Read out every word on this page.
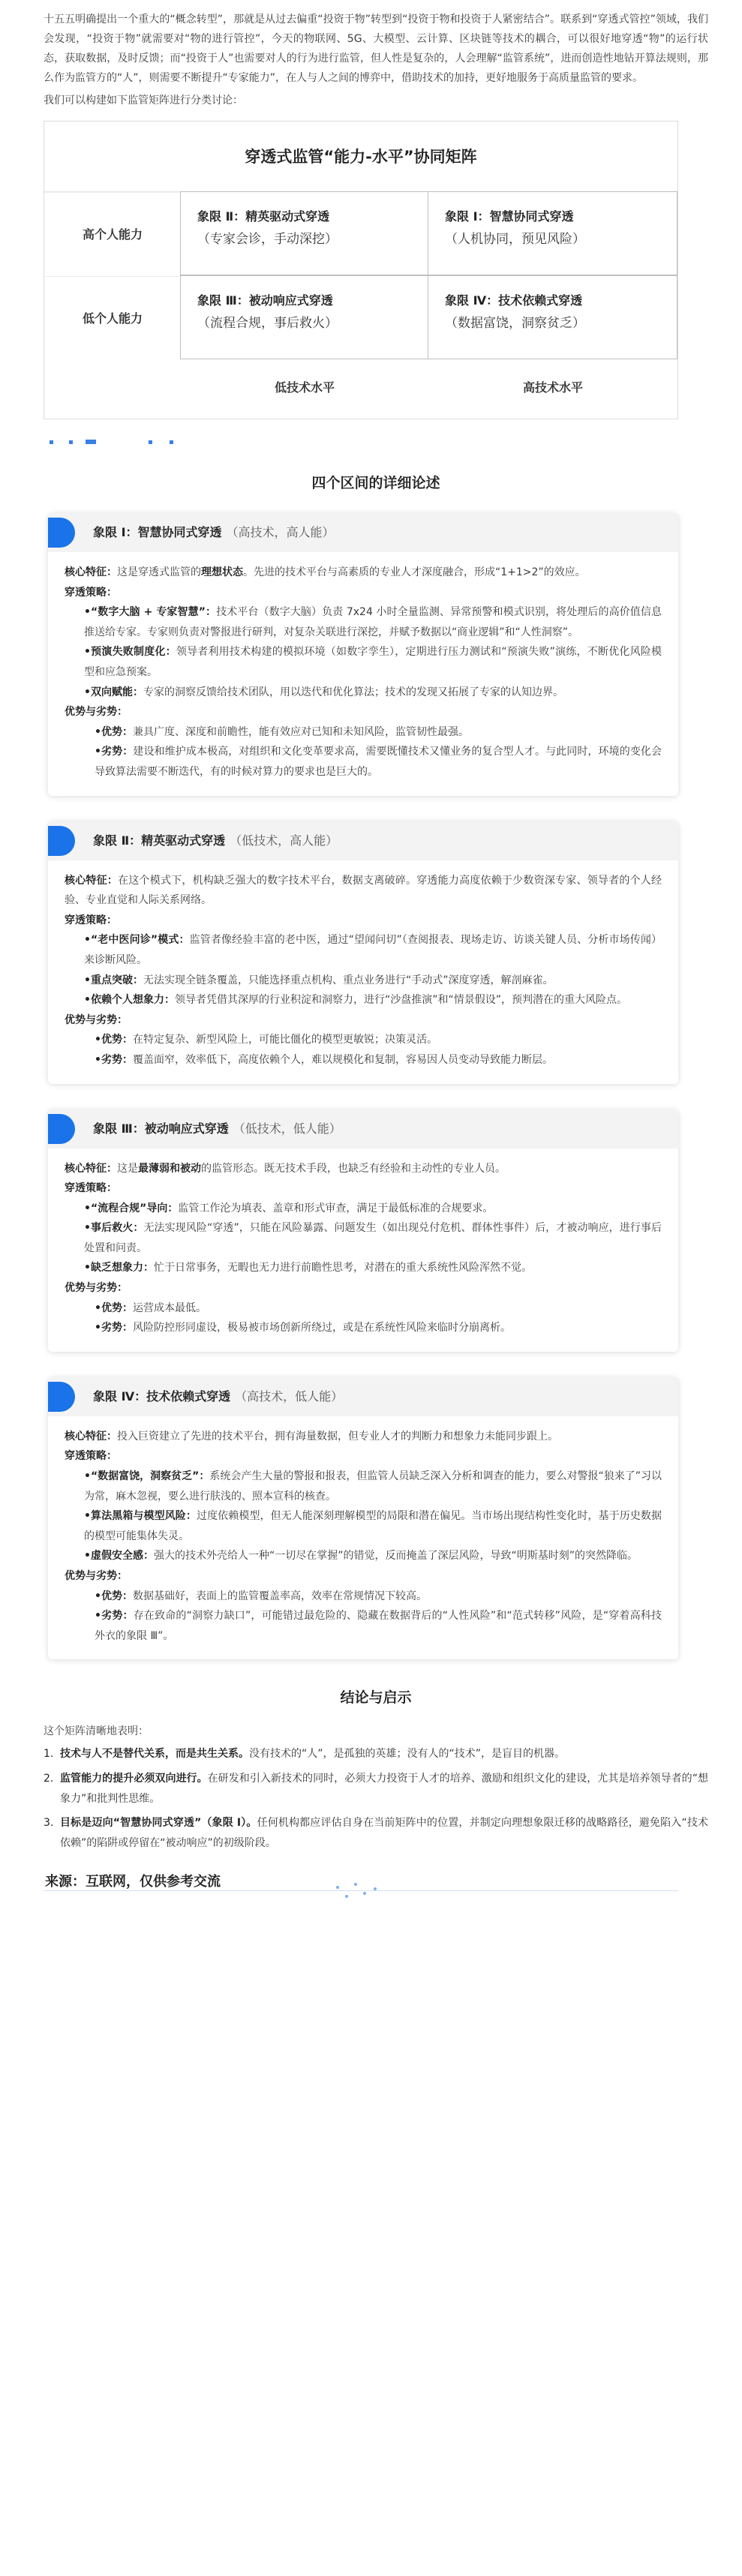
十五五明确提出一个重大的“概念转型”，那就是从过去偏重“投资于物”转型到“投资于物和投资于人紧密结合”。联系到“穿透式管控”领域，我们会发现，“投资于物”就需要对“物的进行管控”，今天的物联网、5G、大模型、云计算、区块链等技术的耦合，可以很好地穿透“物”的运行状态，获取数据，及时反馈；而“投资于人”也需要对人的行为进行监管，但人性是复杂的，人会理解“监管系统”，进而创造性地钻开算法规则，那么作为监管方的“人”，则需要不断提升“专家能力”，在人与人之间的博弈中，借助技术的加持，更好地服务于高质量监管的要求。

我们可以构建如下监管矩阵进行分类讨论：

穿透式监管“能力-水平”协同矩阵
高个人能力
象限 Ⅱ：精英驱动式穿透
（专家会诊，手动深挖）
象限 Ⅰ：智慧协同式穿透
（人机协同，预见风险）
低个人能力
象限 Ⅲ：被动响应式穿透
（流程合规，事后救火）
象限 Ⅳ：技术依赖式穿透
（数据富饶，洞察贫乏）
低技术水平	高技术水平
四个区间的详细论述
象限 Ⅰ：智慧协同式穿透 （高技术，高人能）

核心特征：这是穿透式监管的理想状态。先进的技术平台与高素质的专业人才深度融合，形成“1+1>2”的效应。

穿透策略：

•“数字大脑 + 专家智慧”：技术平台（数字大脑）负责 7x24 小时全量监测、异常预警和模式识别，将处理后的高价值信息推送给专家。专家则负责对警报进行研判，对复杂关联进行深挖，并赋予数据以“商业逻辑”和“人性洞察”。

•预演失败制度化：领导者利用技术构建的模拟环境（如数字孪生），定期进行压力测试和“预演失败”演练，不断优化风险模型和应急预案。

•双向赋能：专家的洞察反馈给技术团队，用以迭代和优化算法；技术的发现又拓展了专家的认知边界。

优势与劣势：

•优势：兼具广度、深度和前瞻性，能有效应对已知和未知风险，监管韧性最强。

•劣势：建设和维护成本极高，对组织和文化变革要求高，需要既懂技术又懂业务的复合型人才。与此同时，环境的变化会导致算法需要不断迭代，有的时候对算力的要求也是巨大的。

象限 Ⅱ：精英驱动式穿透 （低技术，高人能）

核心特征：在这个模式下，机构缺乏强大的数字技术平台，数据支离破碎。穿透能力高度依赖于少数资深专家、领导者的个人经验、专业直觉和人际关系网络。

穿透策略：

•“老中医问诊”模式：监管者像经验丰富的老中医，通过“望闻问切”（查阅报表、现场走访、访谈关键人员、分析市场传闻）来诊断风险。

•重点突破：无法实现全链条覆盖，只能选择重点机构、重点业务进行“手动式”深度穿透，解剖麻雀。

•依赖个人想象力：领导者凭借其深厚的行业积淀和洞察力，进行“沙盘推演”和“情景假设”，预判潜在的重大风险点。

优势与劣势：

•优势：在特定复杂、新型风险上，可能比僵化的模型更敏锐；决策灵活。

•劣势：覆盖面窄，效率低下，高度依赖个人，难以规模化和复制，容易因人员变动导致能力断层。

象限 Ⅲ：被动响应式穿透 （低技术，低人能）

核心特征：这是最薄弱和被动的监管形态。既无技术手段，也缺乏有经验和主动性的专业人员。

穿透策略：

•“流程合规”导向：监管工作沦为填表、盖章和形式审查，满足于最低标准的合规要求。

•事后救火：无法实现风险“穿透”，只能在风险暴露、问题发生（如出现兑付危机、群体性事件）后，才被动响应，进行事后处置和问责。

•缺乏想象力：忙于日常事务，无暇也无力进行前瞻性思考，对潜在的重大系统性风险浑然不觉。

优势与劣势：

•优势：运营成本最低。

•劣势：风险防控形同虚设，极易被市场创新所绕过，或是在系统性风险来临时分崩离析。

象限 Ⅳ：技术依赖式穿透 （高技术，低人能）

核心特征：投入巨资建立了先进的技术平台，拥有海量数据，但专业人才的判断力和想象力未能同步跟上。

穿透策略：

•“数据富饶，洞察贫乏”：系统会产生大量的警报和报表，但监管人员缺乏深入分析和调查的能力，要么对警报“狼来了”习以为常，麻木忽视，要么进行肤浅的、照本宣科的核查。

•算法黑箱与模型风险：过度依赖模型，但无人能深刻理解模型的局限和潜在偏见。当市场出现结构性变化时，基于历史数据的模型可能集体失灵。

•虚假安全感：强大的技术外壳给人一种“一切尽在掌握”的错觉，反而掩盖了深层风险，导致“明斯基时刻”的突然降临。

优势与劣势：

•优势：数据基础好，表面上的监管覆盖率高，效率在常规情况下较高。

•劣势：存在致命的“洞察力缺口”，可能错过最危险的、隐藏在数据背后的“人性风险”和“范式转移”风险，是“穿着高科技外衣的象限 Ⅲ”。

结论与启示

这个矩阵清晰地表明：

1. 技术与人不是替代关系，而是共生关系。没有技术的“人”，是孤独的英雄；没有人的“技术”，是盲目的机器。
2. 监管能力的提升必须双向进行。在研发和引入新技术的同时，必须大力投资于人才的培养、激励和组织文化的建设，尤其是培养领导者的“想象力”和批判性思维。
3. 目标是迈向“智慧协同式穿透”（象限 Ⅰ）。任何机构都应评估自身在当前矩阵中的位置，并制定向理想象限迁移的战略路径，避免陷入“技术依赖”的陷阱或停留在“被动响应”的初级阶段。
来源：互联网，仅供参考交流
